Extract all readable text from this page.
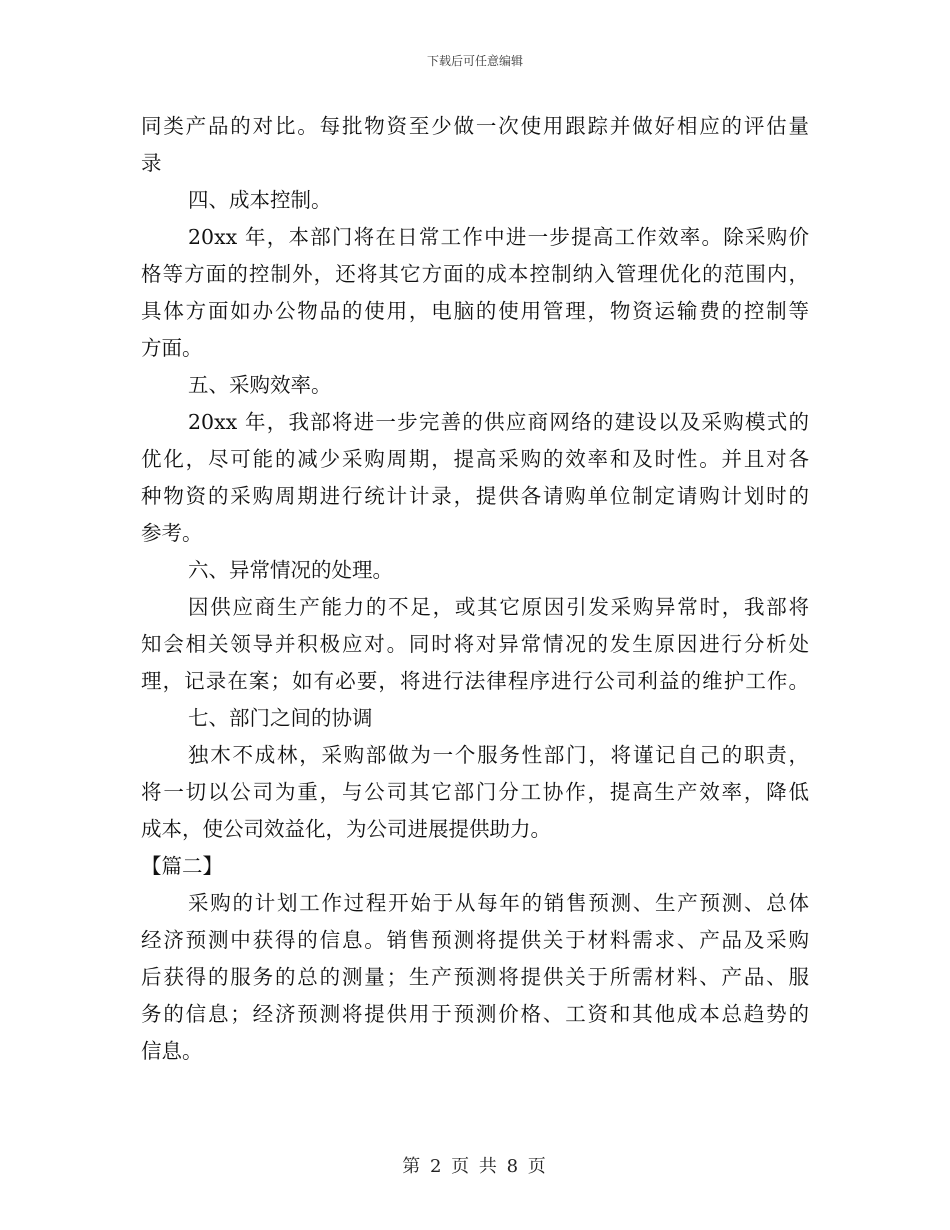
下载后可任意编辑
同类产品的对比。每批物资至少做一次使用跟踪并做好相应的评估量
录
四、成本控制。
20xx 年，本部门将在日常工作中进一步提高工作效率。除采购价
格等方面的控制外，还将其它方面的成本控制纳入管理优化的范围内，
具体方面如办公物品的使用，电脑的使用管理，物资运输费的控制等
方面。
五、采购效率。
20xx 年，我部将进一步完善的供应商网络的建设以及采购模式的
优化，尽可能的减少采购周期，提高采购的效率和及时性。并且对各
种物资的采购周期进行统计计录，提供各请购单位制定请购计划时的
参考。
六、异常情况的处理。
因供应商生产能力的不足，或其它原因引发采购异常时，我部将
知会相关领导并积极应对。同时将对异常情况的发生原因进行分析处
理，记录在案；如有必要，将进行法律程序进行公司利益的维护工作。
七、部门之间的协调
独木不成林，采购部做为一个服务性部门，将谨记自己的职责，
将一切以公司为重，与公司其它部门分工协作，提高生产效率，降低
成本，使公司效益化，为公司进展提供助力。
【篇二】
采购的计划工作过程开始于从每年的销售预测、生产预测、总体
经济预测中获得的信息。销售预测将提供关于材料需求、产品及采购
后获得的服务的总的测量；生产预测将提供关于所需材料、产品、服
务的信息；经济预测将提供用于预测价格、工资和其他成本总趋势的
信息。
第 2 页 共 8 页
